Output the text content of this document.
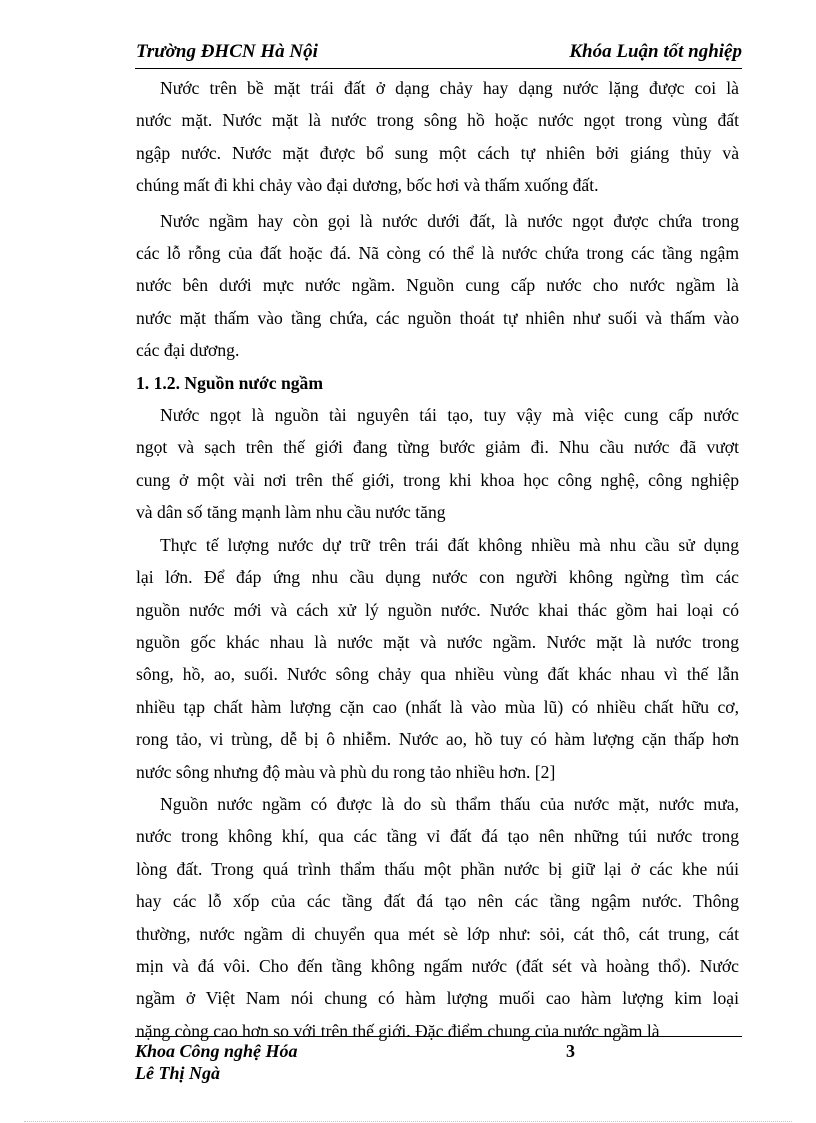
Trường ĐHCN Hà Nội	Khóa Luận tốt nghiệp

Nước trên bề mặt trái đất ở dạng chảy hay dạng nước lặng được coi là

nước mặt. Nước mặt là nước trong sông hồ hoặc nước ngọt trong vùng đất

ngập nước. Nước mặt được bổ sung một cách tự nhiên bởi giáng thủy và

chúng mất đi khi chảy vào đại dương, bốc hơi và thấm xuống đất.

Nước ngầm hay còn gọi là nước dưới đất, là nước ngọt được chứa trong

các lỗ rỗng của đất hoặc đá. Nã còng có thể là nước chứa trong các tầng ngậm

nước bên dưới mực nước ngầm. Nguồn cung cấp nước cho nước ngầm là

nước mặt thấm vào tầng chứa, các nguồn thoát tự nhiên như suối và thấm vào

các đại dương.

1. 1.2. Nguồn nước ngầm

Nước ngọt là nguồn tài nguyên tái tạo, tuy vậy mà việc cung cấp nước

ngọt và sạch trên thế giới đang từng bước giảm đi. Nhu cầu nước đã vượt

cung ở một vài nơi trên thế giới, trong khi khoa học công nghệ, công nghiệp

và dân số tăng mạnh làm nhu cầu nước tăng

Thực tế lượng nước dự trữ trên trái đất không nhiều mà nhu cầu sử dụng

lại lớn. Để đáp ứng nhu cầu dụng nước con người không ngừng tìm các

nguồn nước mới và cách xử lý nguồn nước. Nước khai thác gồm hai loại có

nguồn gốc khác nhau là nước mặt và nước ngầm. Nước mặt là nước trong

sông, hồ, ao, suối. Nước sông chảy qua nhiều vùng đất khác nhau vì thế lẫn

nhiều tạp chất hàm lượng cặn cao (nhất là vào mùa lũ) có nhiều chất hữu cơ,

rong tảo, vi trùng, dễ bị ô nhiễm. Nước ao, hồ tuy có hàm lượng cặn thấp hơn

nước sông nhưng độ màu và phù du rong tảo nhiều hơn. [2]

Nguồn nước ngầm có được là do sù thẩm thấu của nước mặt, nước mưa,

nước trong không khí, qua các tầng vỉ đất đá tạo nên những túi nước trong

lòng đất. Trong quá trình thẩm thấu một phần nước bị giữ lại ở các khe núi

hay các lỗ xốp của các tầng đất đá tạo nên các tầng ngậm nước. Thông

thường, nước ngầm di chuyển qua mét sè lớp như: sỏi, cát thô, cát trung, cát

mịn và đá vôi. Cho đến tầng không ngấm nước (đất sét và hoàng thổ). Nước

ngầm ở Việt Nam nói chung có hàm lượng muối cao hàm lượng kim loại

nặng còng cao hơn so với trên thế giới. Đặc điểm chung của nước ngầm là

Khoa Công nghệ Hóa
Lê Thị Ngà
3
